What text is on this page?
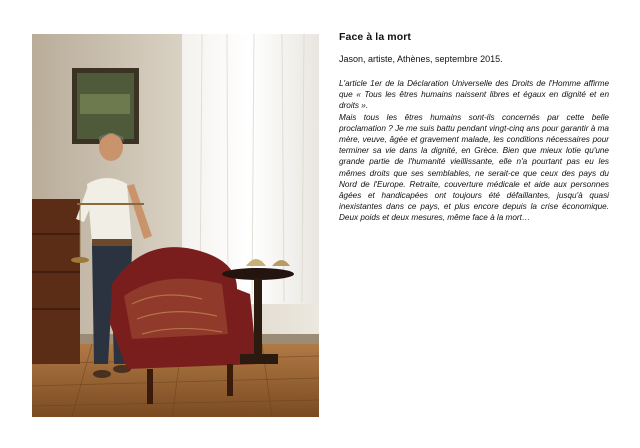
Face à la mort

Jason, artiste, Athènes, septembre 2015.

L'article 1er de la Déclaration Universelle des Droits de l'Homme affirme que « Tous les êtres humains naissent libres et égaux en dignité et en droits ».

Mais tous les êtres humains sont-ils concernés par cette belle proclamation ? Je me suis battu pendant vingt-cinq ans pour garantir à ma mère, veuve, âgée et gravement malade, les conditions nécessaires pour terminer sa vie dans la dignité, en Grèce. Bien que mieux lotie qu'une grande partie de l'humanité vieillissante, elle n'a pourtant pas eu les mêmes droits que ses semblables, ne serait-ce que ceux des pays du Nord de l'Europe. Retraite, couverture médicale et aide aux personnes âgées et handicapées ont toujours été défaillantes, jusqu'à quasi inexistantes dans ce pays, et plus encore depuis la crise économique. Deux poids et deux mesures, même face à la mort…
